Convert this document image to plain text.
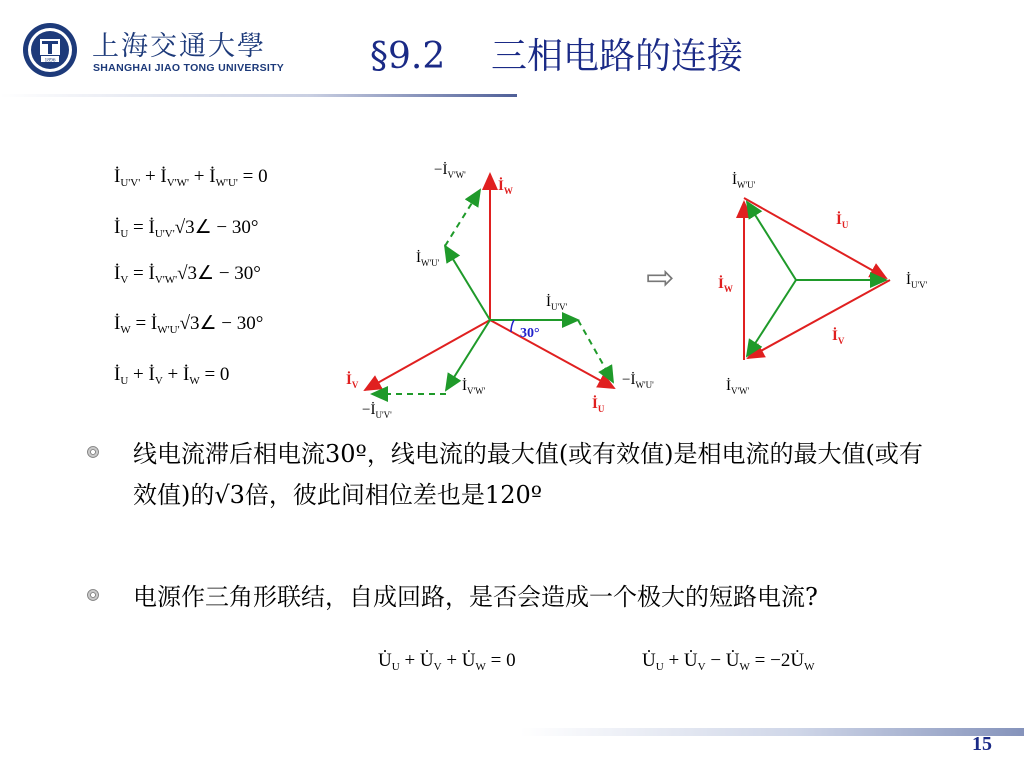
1896 上海交通大學
SHANGHAI JIAO TONG UNIVERSITY §9.2    三相电路的连接
$İ_{U'V'}$ + $İ_{V'W'}$ + $İ_{W'U'} = 0$
$İ_U$ = $İ_{U'V'}√3\angle - 30^\circ$
$İ_V$ = $İ_{V'W'}√3\angle - 30^\circ$
$İ_W$ = $İ_{W'U'}√3\angle - 30^\circ$
$İ_U$ + $İ_V$ + $İ_W = 0$
30°
$-İ_{V'W'}$
$İ_W$
$İ_{W'U'}$
$İ_{U'V'}$
$İ_V$	$İ_{V'W'}$
$-İ_{W'U'}$
$İ_U$
$-İ_{U'V'}$
⇨
$İ_{W'U'}$
$İ_U$
$İ_W$
$İ_{U'V'}$
$İ_V$
$İ_{V'W'}$
线电流滞后相电流30º，线电流的最大值(或有效值)是相电流的最大值(或有效值)的√3倍，彼此间相位差也是120º
电源作三角形联结，自成回路，是否会造成一个极大的短路电流?
$U̇_U$ + $U̇_V$ + $U̇_W = 0$	$U̇_U$ + $U̇_V$ − $U̇_W$ = $-2U̇_W$
15
